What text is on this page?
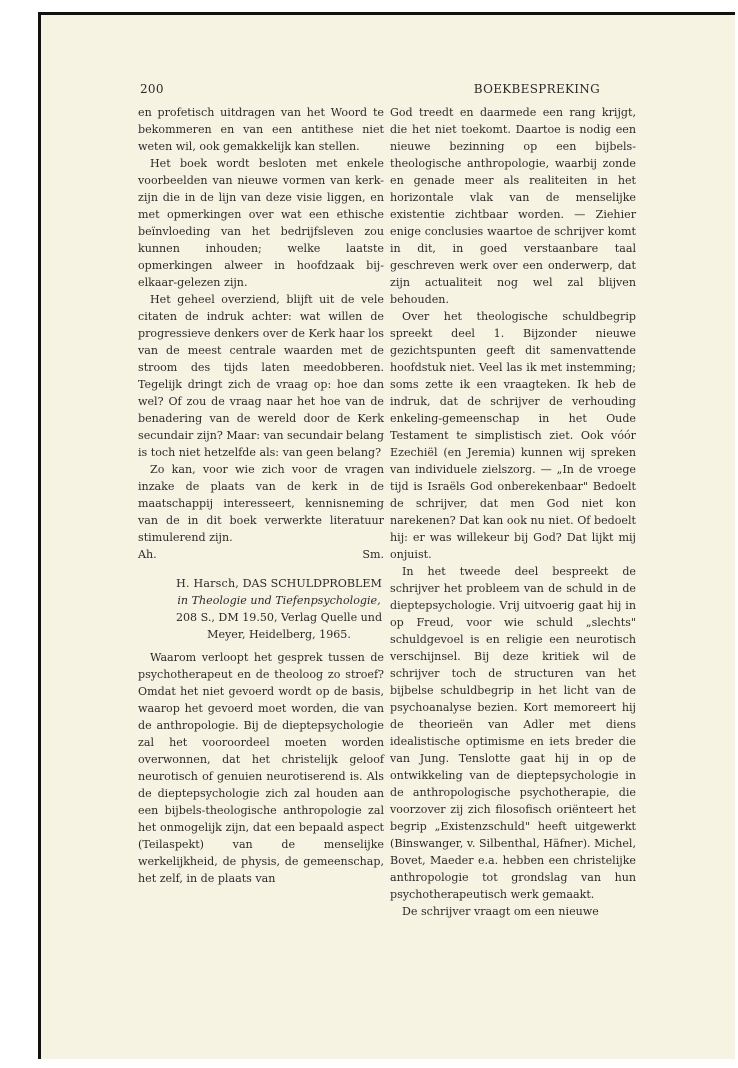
200	BOEKBESPREKING

en profetisch uitdragen van het Woord te bekommeren en van een antithese niet weten wil, ook gemakkelijk kan stellen.

Het boek wordt besloten met enkele voorbeelden van nieuwe vormen van kerk-zijn die in de lijn van deze visie liggen, en met opmerkingen over wat een ethische beïnvloeding van het bedrijfsleven zou kunnen inhouden; welke laatste opmerkingen alweer in hoofdzaak bij-elkaar-gelezen zijn.

Het geheel overziend, blijft uit de vele citaten de indruk achter: wat willen de progressieve denkers over de Kerk haar los van de meest centrale waarden met de stroom des tijds laten meedobberen. Tegelijk dringt zich de vraag op: hoe dan wel? Of zou de vraag naar het hoe van de benadering van de wereld door de Kerk secundair zijn? Maar: van secundair belang is toch niet hetzelfde als: van geen belang?

Zo kan, voor wie zich voor de vragen inzake de plaats van de kerk in de maatschappij interesseert, kennisneming van de in dit boek verwerkte literatuur stimulerend zijn.

Ah.	Sm.
H. Harsch, DAS SCHULDPROBLEM in Theologie und Tiefenpsychologie, 208 S., DM 19.50, Verlag Quelle und Meyer, Heidelberg, 1965.

Waarom verloopt het gesprek tussen de psychotherapeut en de theoloog zo stroef? Omdat het niet gevoerd wordt op de basis, waarop het gevoerd moet worden, die van de anthropologie. Bij de dieptepsychologie zal het vooroordeel moeten worden overwonnen, dat het christelijk geloof neurotisch of genuien neurotiserend is. Als de dieptepsychologie zich zal houden aan een bijbels-theologische anthropologie zal het onmogelijk zijn, dat een bepaald aspect (Teilaspekt) van de menselijke werkelijkheid, de physis, de gemeenschap, het zelf, in de plaats van

God treedt en daarmede een rang krijgt, die het niet toekomt. Daartoe is nodig een nieuwe bezinning op een bijbels-theologische anthropologie, waarbij zonde en genade meer als realiteiten in het horizontale vlak van de menselijke existentie zichtbaar worden. — Ziehier enige conclusies waartoe de schrijver komt in dit, in goed verstaanbare taal geschreven werk over een onderwerp, dat zijn actualiteit nog wel zal blijven behouden.

Over het theologische schuldbegrip spreekt deel 1. Bijzonder nieuwe gezichtspunten geeft dit samenvattende hoofdstuk niet. Veel las ik met instemming; soms zette ik een vraagteken. Ik heb de indruk, dat de schrijver de verhouding enkeling-gemeenschap in het Oude Testament te simplistisch ziet. Ook vóór Ezechiël (en Jeremia) kunnen wij spreken van individuele zielszorg. — „In de vroege tijd is Israëls God onberekenbaar" Bedoelt de schrijver, dat men God niet kon narekenen? Dat kan ook nu niet. Of bedoelt hij: er was willekeur bij God? Dat lijkt mij onjuist.

In het tweede deel bespreekt de schrijver het probleem van de schuld in de dieptepsychologie. Vrij uitvoerig gaat hij in op Freud, voor wie schuld „slechts" schuldgevoel is en religie een neurotisch verschijnsel. Bij deze kritiek wil de schrijver toch de structuren van het bijbelse schuldbegrip in het licht van de psychoanalyse bezien. Kort memoreert hij de theorieën van Adler met diens idealistische optimisme en iets breder die van Jung. Tenslotte gaat hij in op de ontwikkeling van de dieptepsychologie in de anthropologische psychotherapie, die voorzover zij zich filosofisch oriënteert het begrip „Existenzschuld" heeft uitgewerkt (Binswanger, v. Silbenthal, Häfner). Michel, Bovet, Maeder e.a. hebben een christelijke anthropologie tot grondslag van hun psychotherapeutisch werk gemaakt.

De schrijver vraagt om een nieuwe
